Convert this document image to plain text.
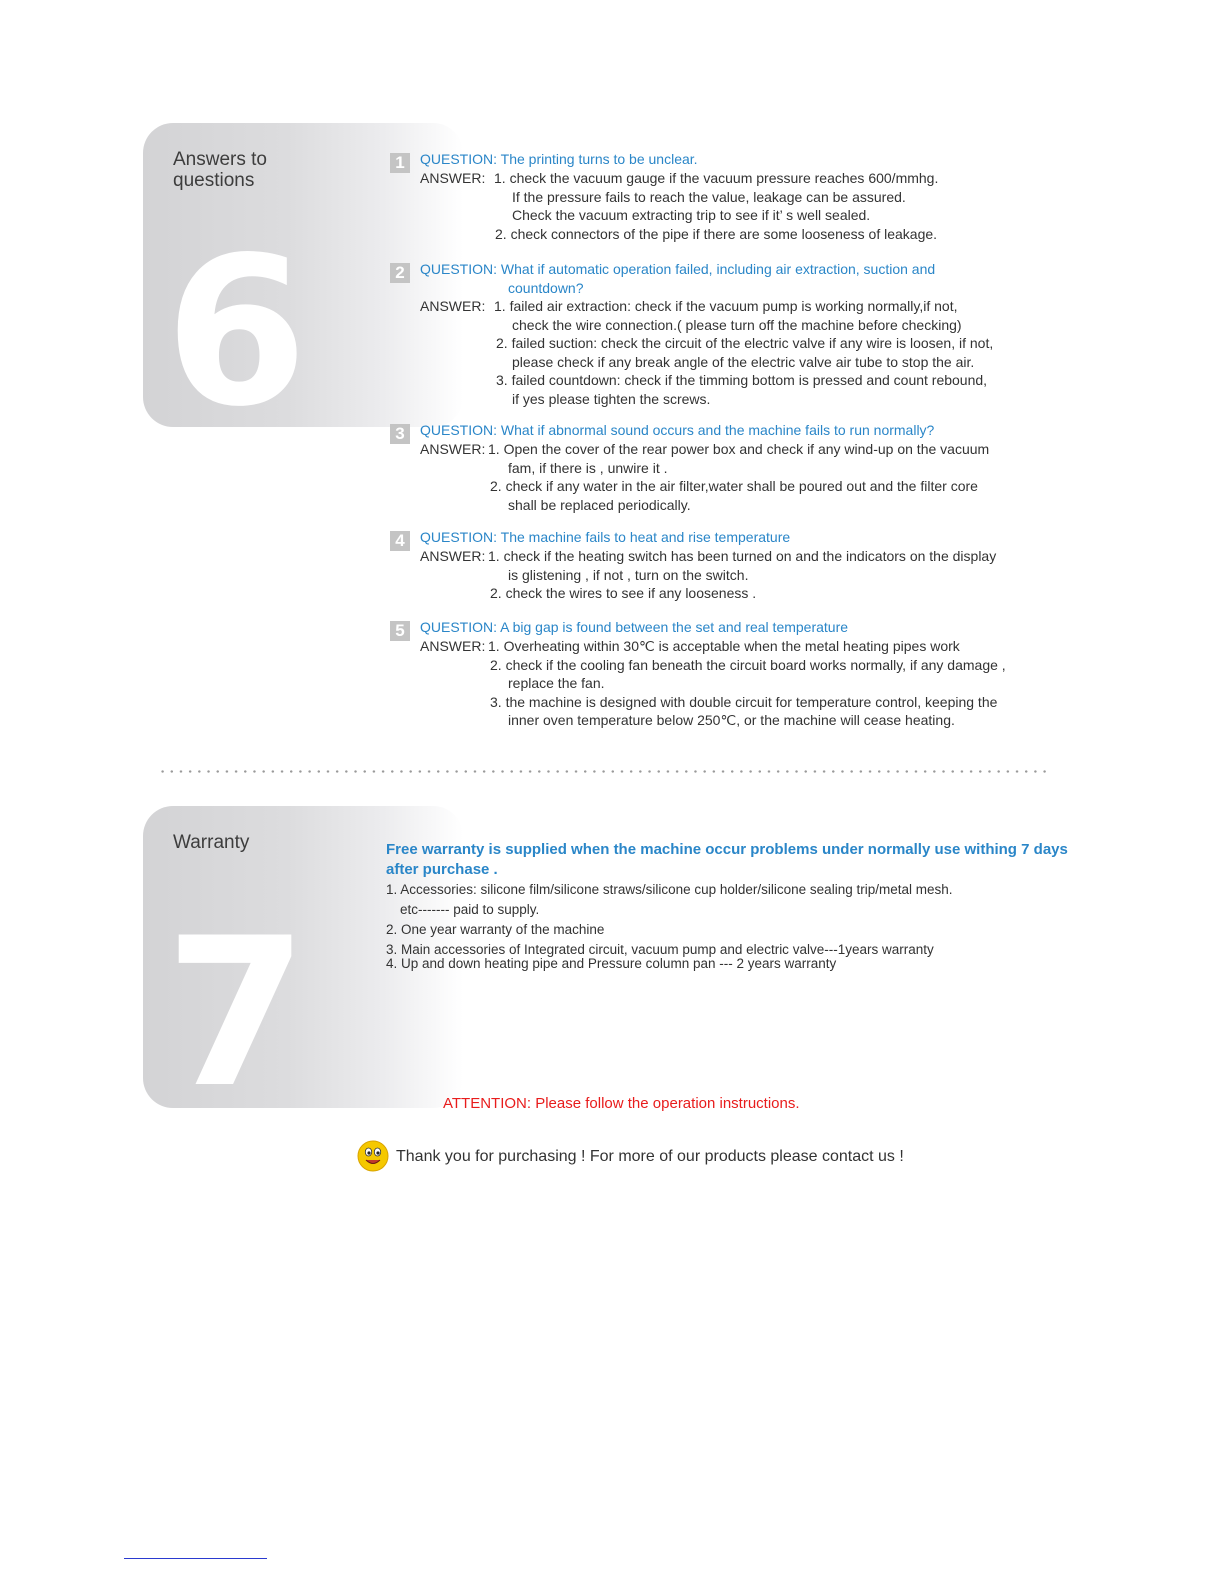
Answers to questions
6
1	QUESTION: The printing turns to be unclear.
ANSWER: 1. check the vacuum gauge if the vacuum pressure reaches 600/mmhg.
If the pressure fails to reach the value, leakage can be assured.
Check the vacuum extracting trip to see if it’ s well sealed.
2. check connectors of the pipe if there are some looseness of leakage.
2	QUESTION: What if automatic operation failed, including air extraction, suction and
countdown?
ANSWER: 1. failed air extraction: check if the vacuum pump is working normally,if not,
check the wire connection.( please turn off the machine before checking)
2. failed suction: check the circuit of the electric valve if any wire is loosen, if not,
please check if any break angle of the electric valve air tube to stop the air.
3. failed countdown: check if the timming bottom is pressed and count rebound,
if yes please tighten the screws.
3	QUESTION: What if abnormal sound occurs and the machine fails to run normally?
ANSWER: 1. Open the cover of the rear power box and check if any wind-up on the vacuum
fam, if there is , unwire it .
2. check if any water in the air filter,water shall be poured out and the filter core
shall be replaced periodically.
4	QUESTION: The machine fails to heat and rise temperature
ANSWER: 1. check if the heating switch has been turned on and the indicators on the display
is glistening , if not , turn on the switch.
2. check the wires to see if any looseness .
5	QUESTION: A big gap is found between the set and real temperature
ANSWER: 1. Overheating within 30℃ is acceptable when the metal heating pipes work
2. check if the cooling fan beneath the circuit board works normally, if any damage ,
replace the fan.
3. the machine is designed with double circuit for temperature control, keeping the
inner oven temperature below 250℃, or the machine will cease heating.
Warranty
7

Free warranty is supplied when the machine occur problems under normally use withing 7 days after purchase .

1. Accessories: silicone film/silicone straws/silicone cup holder/silicone sealing trip/metal mesh.
etc------- paid to supply.
2. One year warranty of the machine
3. Main accessories of Integrated circuit, vacuum pump and electric valve---1years warranty
4. Up and down heating pipe and Pressure column pan --- 2 years warranty
ATTENTION: Please follow the operation instructions.
Thank you for purchasing ! For more of our products please contact us !
